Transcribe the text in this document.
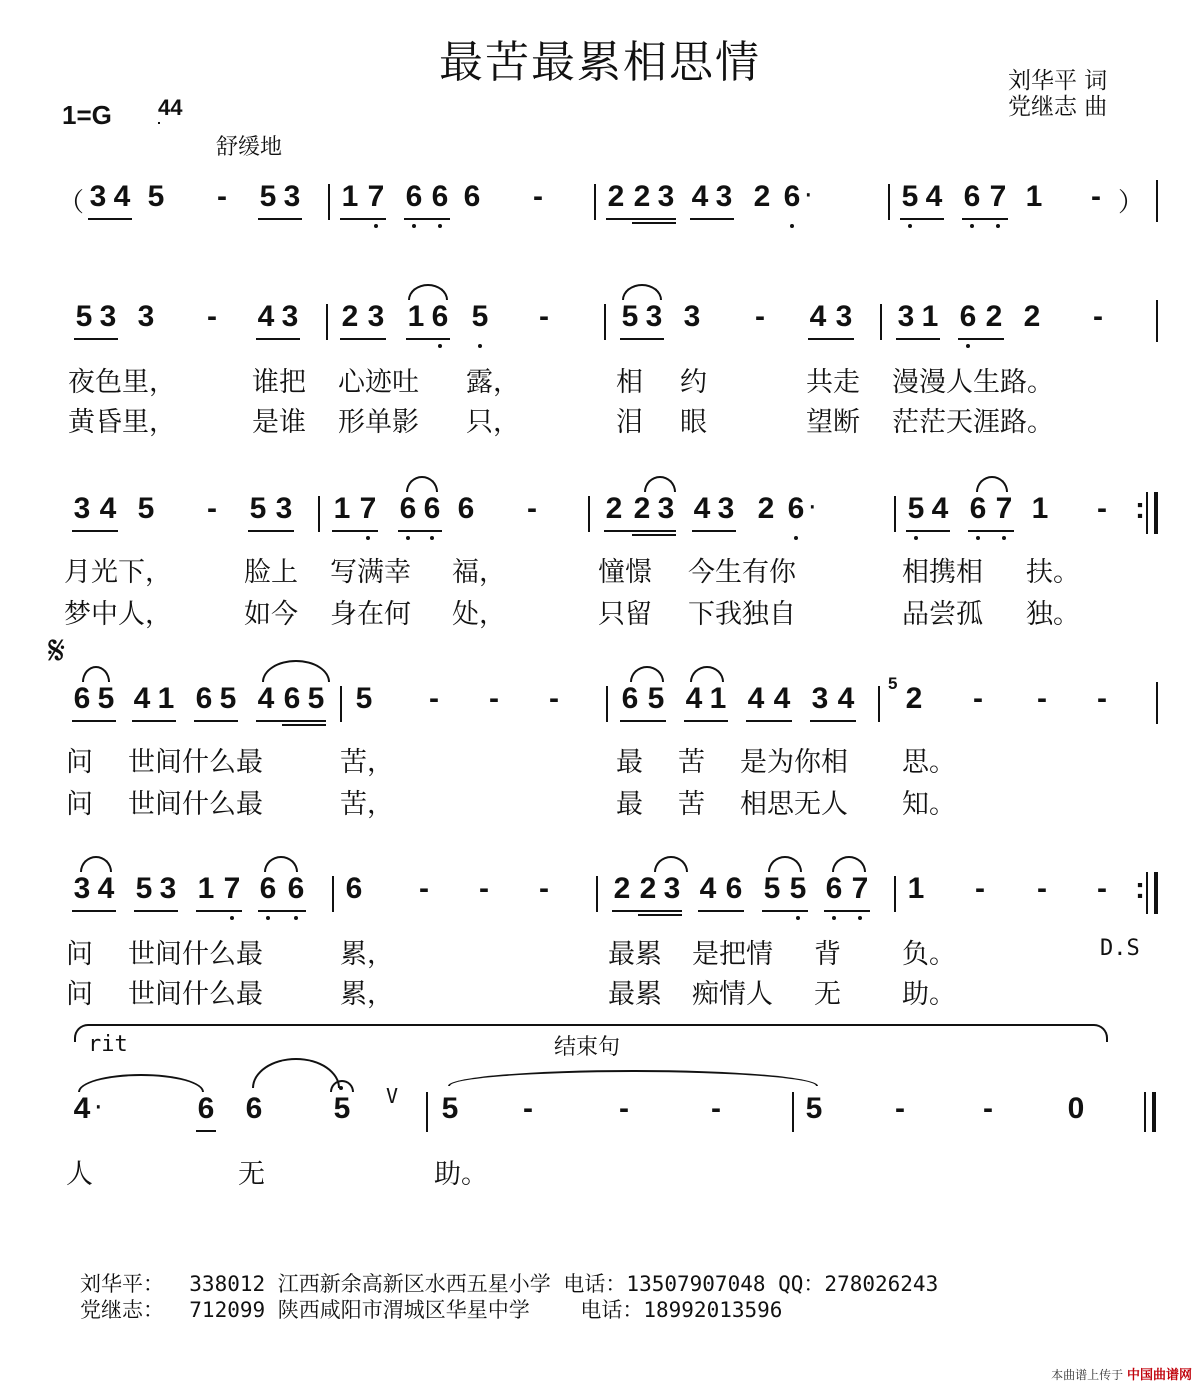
最苦最累相思情	刘华平 词
党继志 曲
1=G 4
4
舒缓地
（ 3 4 5 - 5 3 1 7 6 6 6 - 2 2 3 4 3 2 6 ·	5 4 6 7 1 - ）
5 3 3 - 4 3 2 3 1 6 5 - 5 3 3 - 4 3 3 1 6 2 2 -
夜色里，	谁把 心迹吐 露，	相 约	共走 漫漫人生路。
黄昏里，	是谁 形单影 只，	泪 眼	望断 茫茫天涯路。
3 4 5 - 5 3 1 7 6 6 6 - 2 2 3 4 3 2 6 ·	5 4 6 7 1 - :
月光下，	脸上 写满幸 福，	憧憬 今生有你	相携相 扶。
梦中人，	如今 身在何 处，	只留 下我独自	品尝孤 独。
𝄋
6 5 4 1 6 5 4 6 5 5 - - - 6 5 4 1 4 4 3 4 5 2 - - -
问 世间什么最	苦，	最 苦 是为你相 思。
问 世间什么最	苦，	最 苦 相思无人 知。
3 4 5 3 1 7 6 6 6 - - - 2 2 3 4 6 5 5 6 7 1 - - - :
问 世间什么最	累，	最累 是把情 背 负。	D.S
问 世间什么最	累，	最累 痴情人 无 助。
rit	结束句
4 ·	6 6 5 V 5 -	-	-	5 -	- 0
人	无	助。
刘华平：  338012 江西新余高新区水西五星小学 电话：13507907048 QQ：278026243
党继志：  712099 陕西咸阳市渭城区华星中学    电话：18992013596
本曲谱上传于 中国曲谱网
